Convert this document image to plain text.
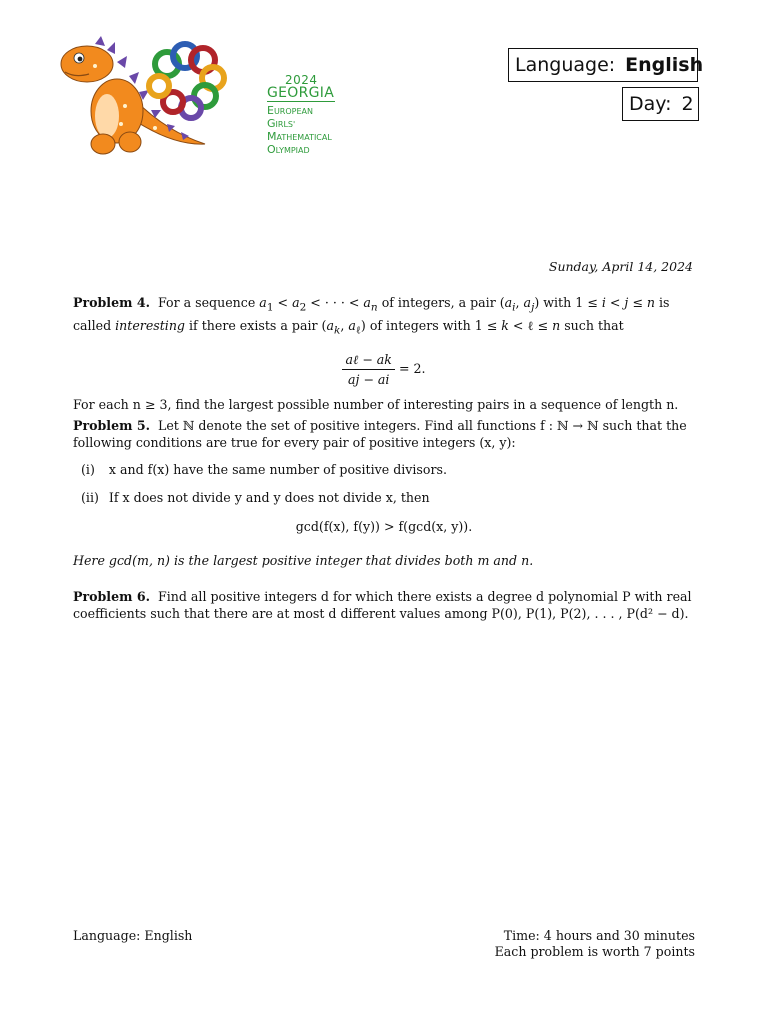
2024
GEORGIA
EUROPEAN
GIRLS'
MATHEMATICAL
OLYMPIAD
Language: English
Day: 2
Sunday, April 14, 2024
Problem 4. For a sequence $a_1 < a_2$ < · · · < $a_n$ of integers, a pair ($a_i$, $a_j$) with 1 ≤ i < j ≤ n is
called interesting if there exists a pair ($a_k$, $a_\ell$) of integers with 1 ≤ k < ℓ ≤ n such that
$\frac{\text{aℓ − ak}}{aj - ai} = 2$.
For each n ≥ 3, find the largest possible number of interesting pairs in a sequence of length n.
Problem 5. Let ℕ denote the set of positive integers. Find all functions f : ℕ → ℕ such that the
following conditions are true for every pair of positive integers (x, y):
(i) x and f(x) have the same number of positive divisors.
(ii) If x does not divide y and y does not divide x, then
gcd(f(x), f(y)) > f(gcd(x, y)).
Here gcd(m, n) is the largest positive integer that divides both m and n.
Problem 6. Find all positive integers d for which there exists a degree d polynomial P with real
coefficients such that there are at most d different values among P(0), P(1), P(2), . . . , P(d² − d).
Language: English	Time: 4 hours and 30 minutes
Each problem is worth 7 points
